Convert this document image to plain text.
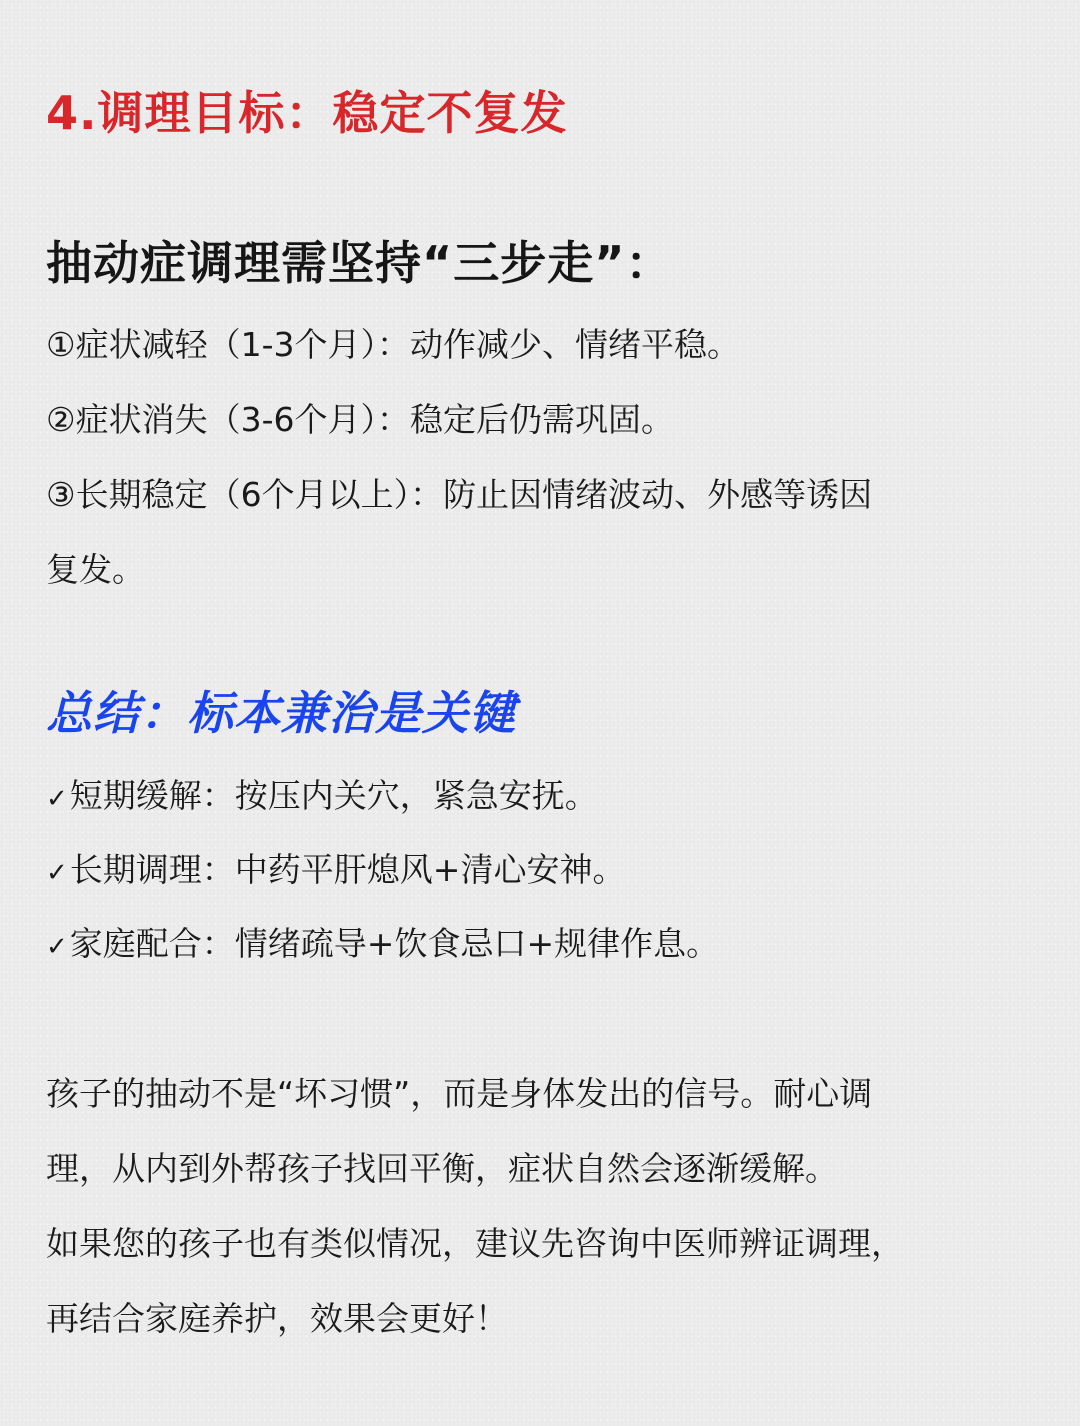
4.调理目标：稳定不复发
抽动症调理需坚持“三步走”：
①症状减轻（1-3个月）：动作减少、情绪平稳。
②症状消失（3-6个月）：稳定后仍需巩固。
③长期稳定（6个月以上）：防止因情绪波动、外感等诱因
复发。
总结：标本兼治是关键
✓短期缓解：按压内关穴，紧急安抚。
✓长期调理：中药平肝熄风+清心安神。
✓家庭配合：情绪疏导+饮食忌口+规律作息。
孩子的抽动不是“坏习惯”，而是身体发出的信号。耐心调
理，从内到外帮孩子找回平衡，症状自然会逐渐缓解。
如果您的孩子也有类似情况，建议先咨询中医师辨证调理，
再结合家庭养护，效果会更好！
